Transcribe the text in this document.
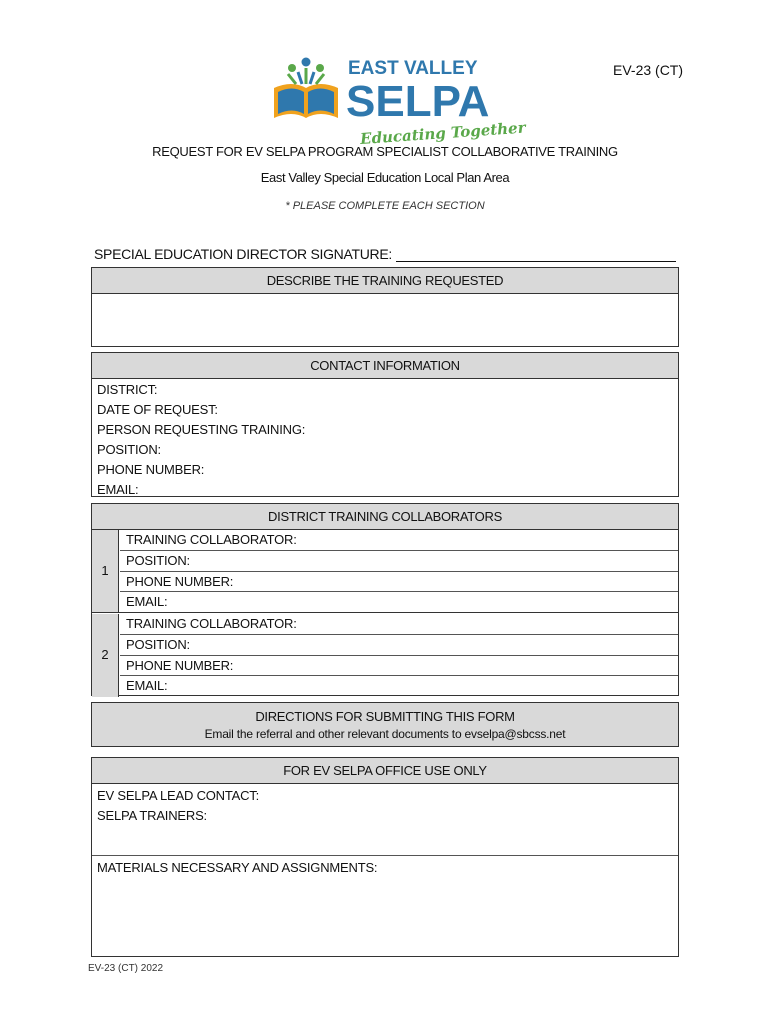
EAST VALLEY
SELPA
Educating Together
EV-23 (CT)
REQUEST FOR EV SELPA PROGRAM SPECIALIST COLLABORATIVE TRAINING
East Valley Special Education Local Plan Area
* PLEASE COMPLETE EACH SECTION
SPECIAL EDUCATION DIRECTOR SIGNATURE:
DESCRIBE THE TRAINING REQUESTED
CONTACT INFORMATION
DISTRICT:
DATE OF REQUEST:
PERSON REQUESTING TRAINING:
POSITION:
PHONE NUMBER:
EMAIL:
DISTRICT TRAINING COLLABORATORS
1
TRAINING COLLABORATOR:
POSITION:
PHONE NUMBER:
EMAIL:
2
TRAINING COLLABORATOR:
POSITION:
PHONE NUMBER:
EMAIL:
DIRECTIONS FOR SUBMITTING THIS FORM
Email the referral and other relevant documents to evselpa@sbcss.net
FOR EV SELPA OFFICE USE ONLY
EV SELPA LEAD CONTACT:
SELPA TRAINERS:
MATERIALS NECESSARY AND ASSIGNMENTS:
EV-23 (CT) 2022
